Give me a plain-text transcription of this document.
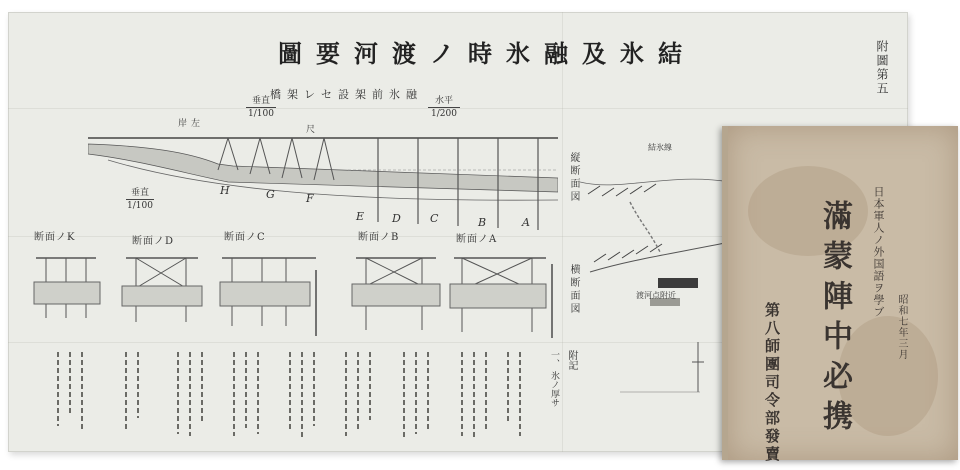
結氷及融氷時ノ渡河要圖
融氷前架設セレ架橋	附圖第五
左岸
垂直
1/100
尺
水平
1/200
垂直
1/100
H	G	F
E	D	C	B	A
縦断面図
横断面図
断面ノK	断面ノD	断面ノC	断面ノB	断面ノA
附記
一、 氷ノ厚サ
結氷線
渡河点附近	日本軍人ノ外国語ヲ學ブ
滿蒙陣中必携
第八師團司令部發賣	昭和七年三月
